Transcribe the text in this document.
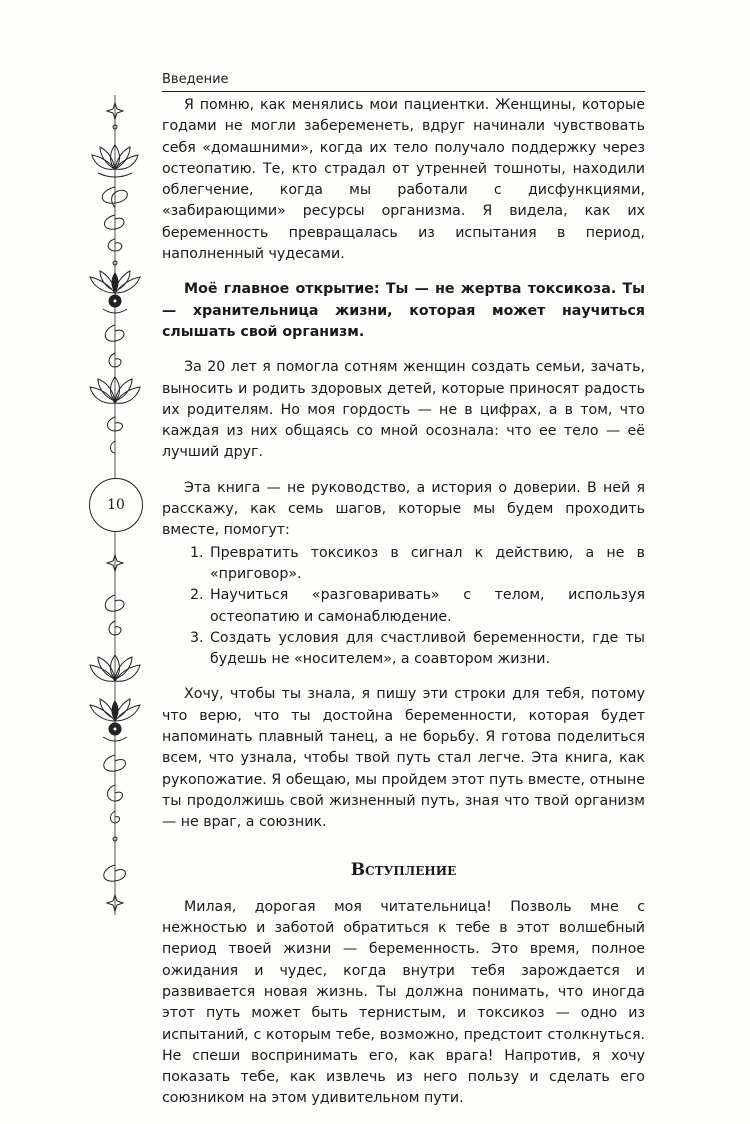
Введение
10

Я помню, как менялись мои пациентки. Женщины, которые годами не могли забеременеть, вдруг начинали чувствовать себя «домашними», когда их тело получало поддержку через остеопатию. Те, кто страдал от утренней тошноты, находили облегчение, когда мы работали с дисфункциями, «забирающими» ресурсы организма. Я видела, как их беременность превращалась из испытания в период, наполненный чудесами.

Моё главное открытие: Ты — не жертва токсикоза. Ты — хранительница жизни, которая может научиться слышать свой организм.

За 20 лет я помогла сотням женщин создать семьи, зачать, выносить и родить здоровых детей, которые приносят радость их родителям. Но моя гордость — не в цифрах, а в том, что каждая из них общаясь со мной осознала: что ее тело — её лучший друг.

Эта книга — не руководство, а история о доверии. В ней я расскажу, как семь шагов, которые мы будем проходить вместе, помогут:

1. Превратить токсикоз в сигнал к действию, а не в «приговор».
2. Научиться «разговаривать» с телом, используя остеопатию и самонаблюдение.
3. Создать условия для счастливой беременности, где ты будешь не «носителем», а соавтором жизни.

Хочу, чтобы ты знала, я пишу эти строки для тебя, потому что верю, что ты достойна беременности, которая будет напоминать плавный танец, а не борьбу. Я готова поделиться всем, что узнала, чтобы твой путь стал легче. Эта книга, как рукопожатие. Я обещаю, мы пройдем этот путь вместе, отныне ты продолжишь свой жизненный путь, зная что твой организм — не враг, а союзник.

Вступление

Милая, дорогая моя читательница! Позволь мне с нежностью и заботой обратиться к тебе в этот волшебный период твоей жизни — беременность. Это время, полное ожидания и чудес, когда внутри тебя зарождается и развивается новая жизнь. Ты должна понимать, что иногда этот путь может быть тернистым, и токсикоз — одно из испытаний, с которым тебе, возможно, предстоит столкнуться. Не спеши воспринимать его, как врага! Напротив, я хочу показать тебе, как извлечь из него пользу и сделать его союзником на этом удивительном пути.
